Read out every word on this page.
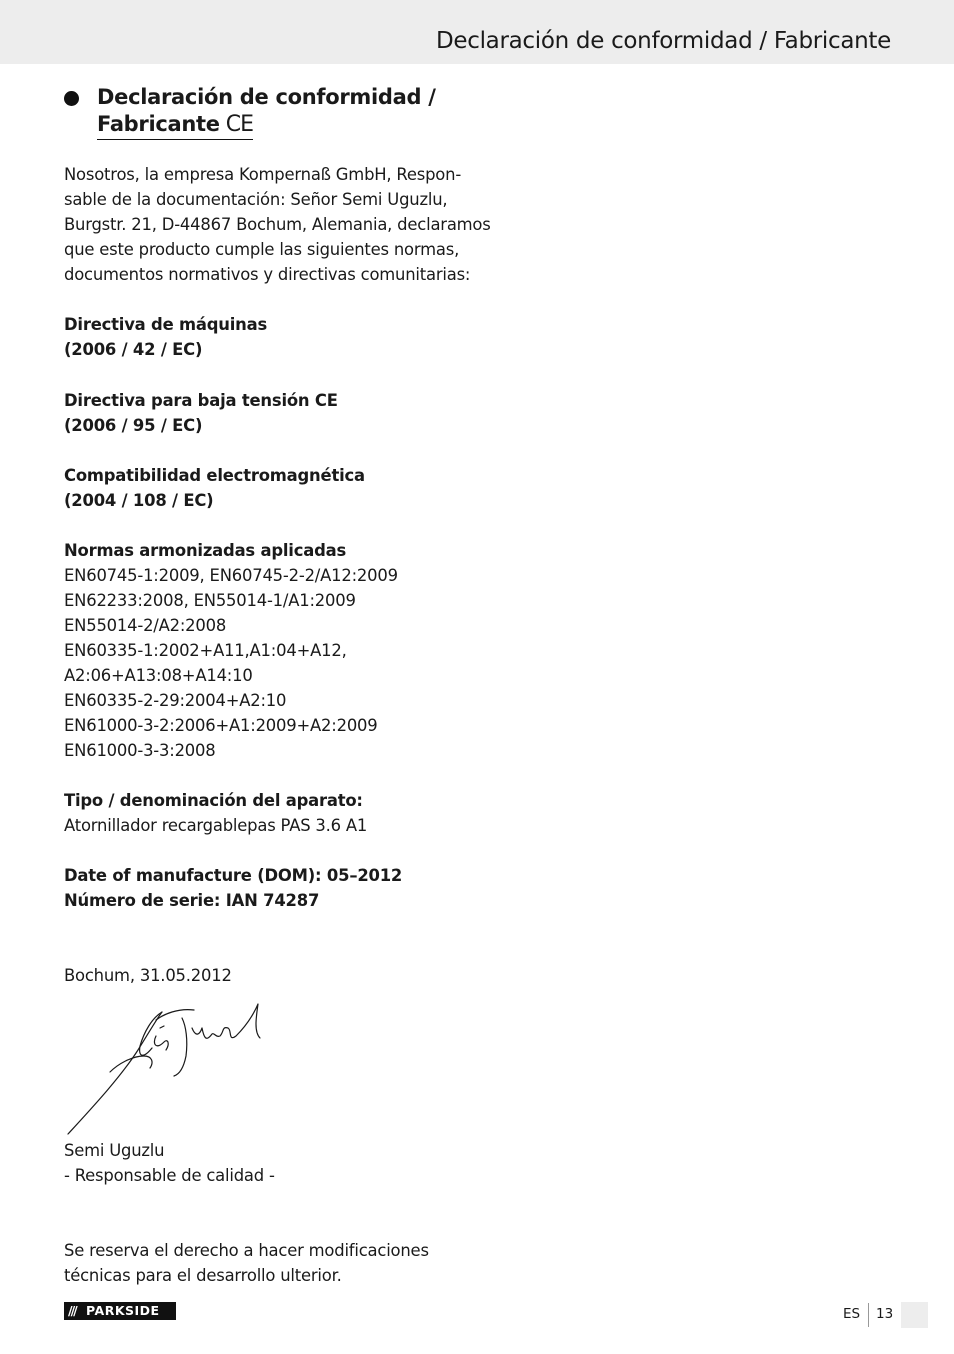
Declaración de conformidad / Fabricante
Declaración de conformidad /
Fabricante CE

Nosotros, la empresa Kompernaß GmbH, Respon-

sable de la documentación: Señor Semi Uguzlu,

Burgstr. 21, D-44867 Bochum, Alemania, declaramos

que este producto cumple las siguientes normas,

documentos normativos y directivas comunitarias:

Directiva de máquinas

(2006 / 42 / EC)

Directiva para baja tensión CE

(2006 / 95 / EC)

Compatibilidad electromagnética

(2004 / 108 / EC)

Normas armonizadas aplicadas

EN60745-1:2009, EN60745-2-2/A12:2009

EN62233:2008, EN55014-1/A1:2009

EN55014-2/A2:2008

EN60335-1:2002+A11,A1:04+A12,

A2:06+A13:08+A14:10

EN60335-2-29:2004+A2:10

EN61000-3-2:2006+A1:2009+A2:2009

EN61000-3-3:2008

Tipo / denominación del aparato:

Atornillador recargablepas PAS 3.6 A1

Date of manufacture (DOM): 05–2012

Número de serie: IAN 74287

Bochum, 31.05.2012

Semi Uguzlu

- Responsable de calidad -

Se reserva el derecho a hacer modificaciones

técnicas para el desarrollo ulterior.

/// PARKSIDE	ES 13
